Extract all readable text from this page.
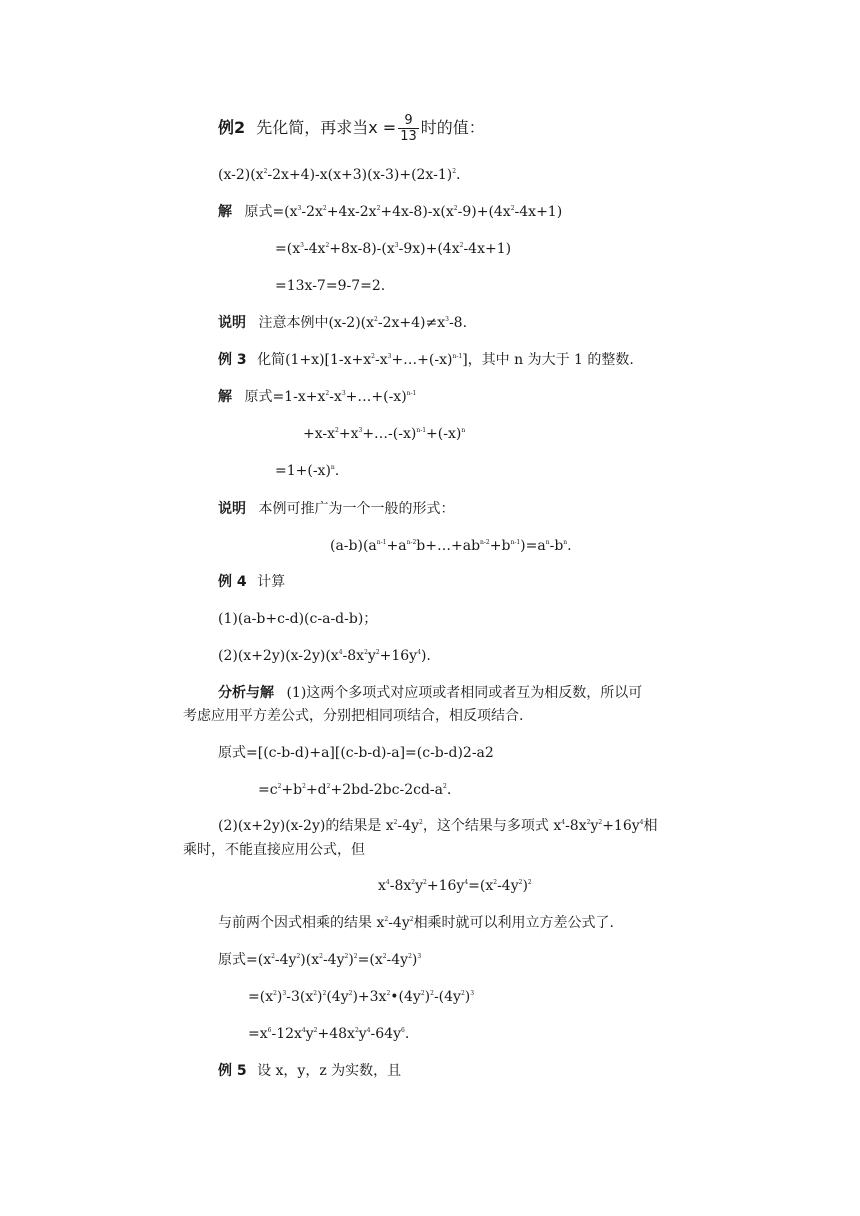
例2 先化简，再求当$x = \frac{9}{13}$ 时的值：
$(x-2)(x^2-2x+4)-x(x+3)(x-3)+(2x-1)^2$.
解 原式$=(x^3-2x^2+4x-2x^2+4x-8)-x(x^2-9)+(4x^2-4x+1)$
$=(x^3-4x^2+8x-8)-(x^3-9x)+(4x^2-4x+1)$
=13x-7=9-7=2.
说明 注意本例中$(x-2)(x^2-2x+4)\ne x^3-8$.
例 3 化简$(1+x)[1-x+x^2-x^3+\dots+(-x)^{n-1}]$，其中 n 为大于 1 的整数.
解 原式$=1-x+x^2-x^3+\dots+(-x)^{n-1}$
$+x-x^2+x^3+\dots-(-x)^{n-1}+(-x)^n$
$=1+(-x)^n$.
说明 本例可推广为一个一般的形式：
$(a-b)(a^{n-1}+a^{n-2}b+\dots+ab^{n-2}+b^{n-1})=a^n-b^n$.
例 4 计算
(1)(a-b+c-d)(c-a-d-b)；
$(2)(x+2y)(x-2y)(x^4-8x^2y^2+16y^4)$.
分析与解 (1)这两个多项式对应项或者相同或者互为相反数，所以可
考虑应用平方差公式，分别把相同项结合，相反项结合.
原式=[(c-b-d)+a][(c-b-d)-a]=(c-b-d)2-a2
$=c^2+b^2+d^2+2bd-2bc-2cd-a^2$.
(2)(x+2y)(x-2y)的结果是 $x^2-4y^2$，这个结果与多项式 $x^4-8x^2y^2+16y^4$相
乘时，不能直接应用公式，但
$x^4-8x^2y^2+16y^4=(x^2-4y^2)^2$
与前两个因式相乘的结果 $x^2-4y^2$相乘时就可以利用立方差公式了.
原式$=(x^2-4y^2)(x^2-4y^2)^2=(x^2-4y^2)^3$
$=(x^2)^3-3(x^2)^2(4y^2)+3x^2•(4y^2)^2-(4y^2)^3$
$=x^6-12x^4y^2+48x^2y^4-64y^6$.
例 5 设 x，y，z 为实数，且
